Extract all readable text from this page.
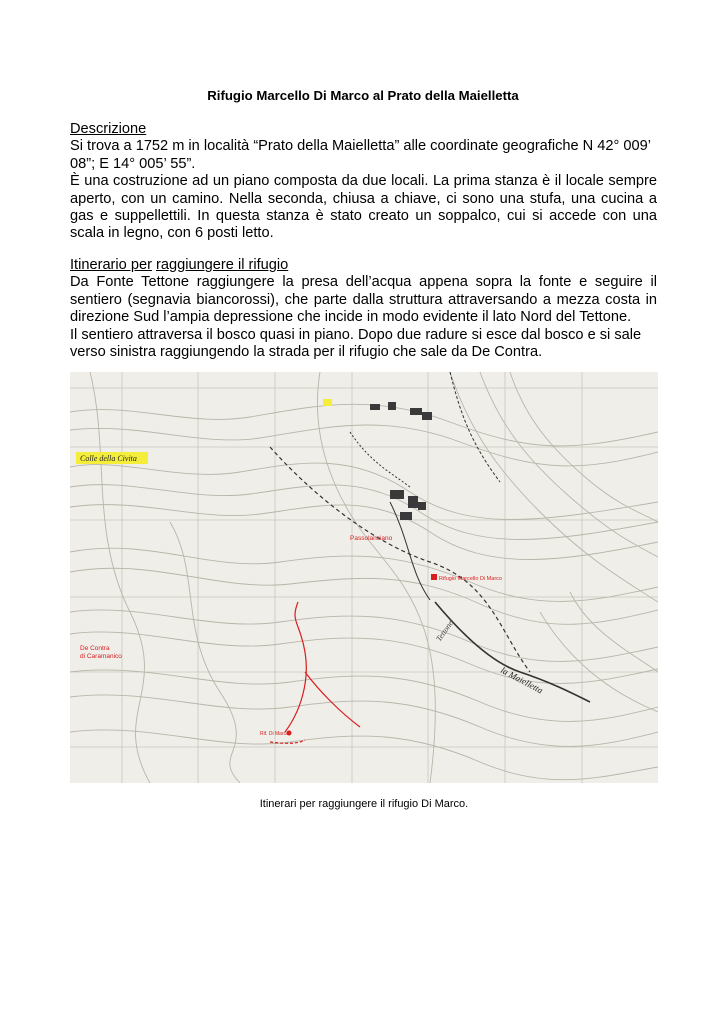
Rifugio Marcello Di Marco al Prato della Maielletta
Descrizione
Si trova a 1752 m in località “Prato della Maielletta” alle coordinate geografiche N 42° 009’ 08”; E 14° 005’ 55”.
È una costruzione ad un piano composta da due locali. La prima stanza è il locale sempre aperto, con un camino. Nella seconda, chiusa a chiave, ci sono una stufa, una cucina a gas e suppellettili. In questa stanza è stato creato un soppalco, cui si accede con una scala in legno, con 6 posti letto.
Itinerario per raggiungere il rifugio
Da Fonte Tettone raggiungere la presa dell’acqua appena sopra la fonte e seguire il sentiero (segnavia biancorossi), che parte dalla struttura attraversando a mezza costa in direzione Sud l’ampia depressione che incide in modo evidente il lato Nord del Tettone.
Il sentiero attraversa il bosco quasi in piano. Dopo due radure si esce dal bosco e si sale verso sinistra raggiungendo la strada per il rifugio che sale da De Contra.
Colle della Civita
Passolanciano
Rifugio Marcello Di Marco
De Contra
di Caramanico
Rif. Di Marco
la Maielletta
Tettone
Itinerari per raggiungere il rifugio Di Marco.
